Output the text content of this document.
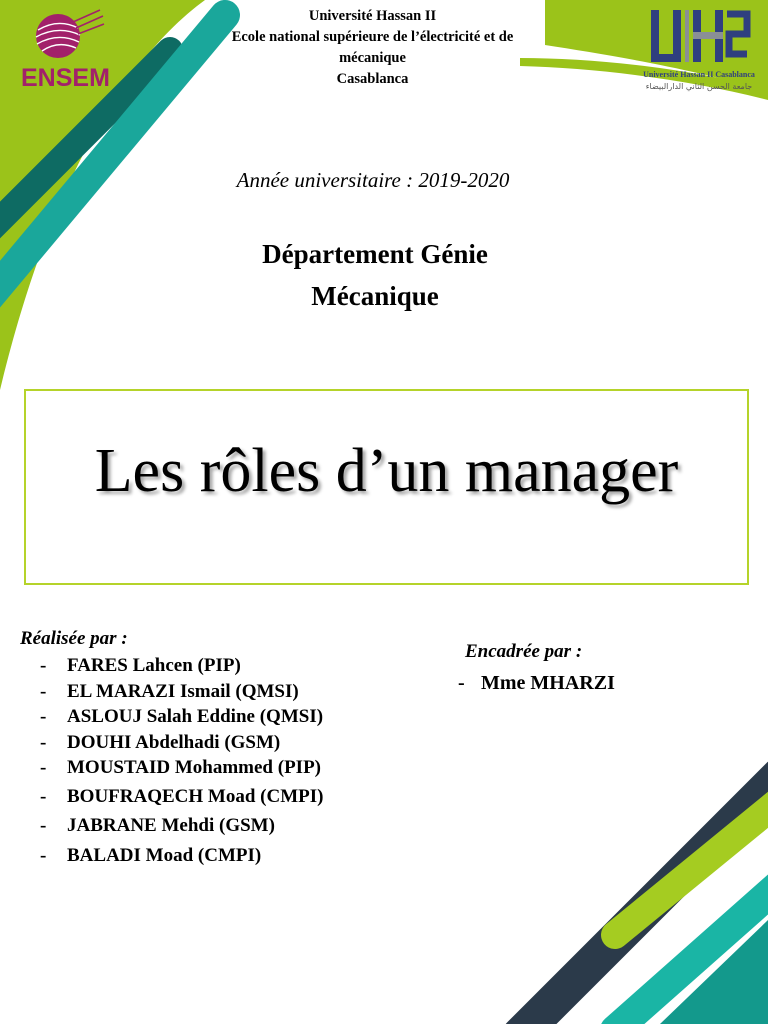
ENSEM
Université Hassan II
Ecole national supérieure de l’électricité et de
mécanique
Casablanca	Université Hassan II Casablanca
جامعة الحسن الثاني الدارالبيضاء
Année universitaire : 2019-2020
Département Génie
Mécanique
Les rôles d’un manager
Réalisée par :
- FARES Lahcen (PIP)
- EL MARAZI Ismail (QMSI)
- ASLOUJ Salah Eddine (QMSI)
- DOUHI Abdelhadi (GSM)
- MOUSTAID Mohammed (PIP)
- BOUFRAQECH Moad (CMPI)
- JABRANE Mehdi (GSM)
- BALADI Moad (CMPI)
Encadrée par :
- Mme MHARZI
